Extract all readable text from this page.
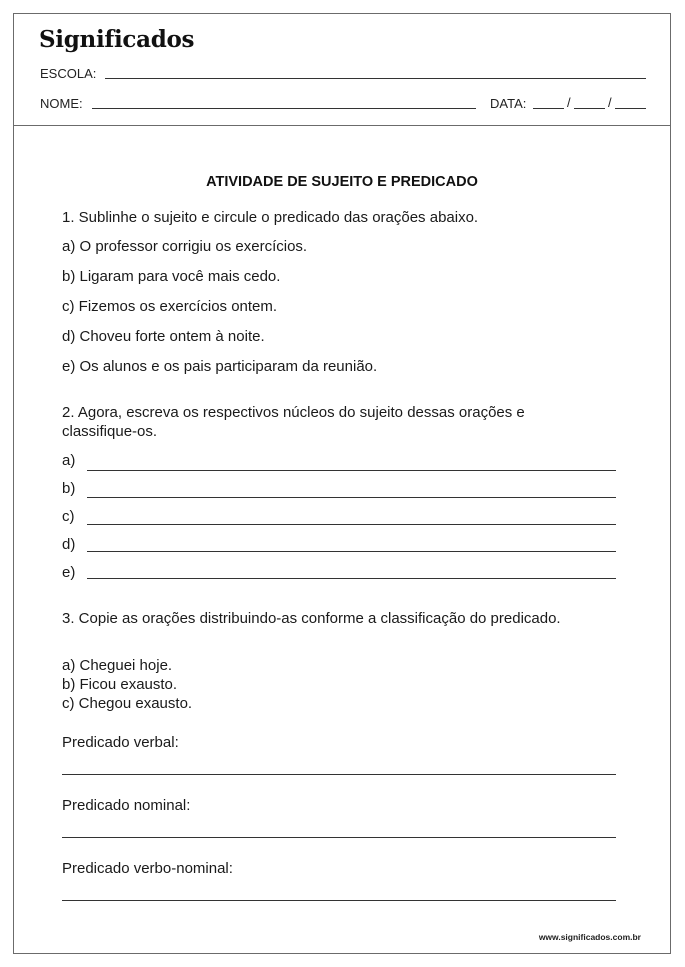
Significados
ESCOLA:
NOME:	DATA:	/	/
ATIVIDADE DE SUJEITO E PREDICADO
1. Sublinhe o sujeito e circule o predicado das orações abaixo.
a) O professor corrigiu os exercícios.
b) Ligaram para você mais cedo.
c) Fizemos os exercícios ontem.
d) Choveu forte ontem à noite.
e) Os alunos e os pais participaram da reunião.
2. Agora, escreva os respectivos núcleos do sujeito dessas orações e classifique-os.
a)
b)
c)
d)
e)
3. Copie as orações distribuindo-as conforme a classificação do predicado.
a) Cheguei hoje.
b) Ficou exausto.
c) Chegou exausto.
Predicado verbal:
Predicado nominal:
Predicado verbo-nominal:
www.significados.com.br
